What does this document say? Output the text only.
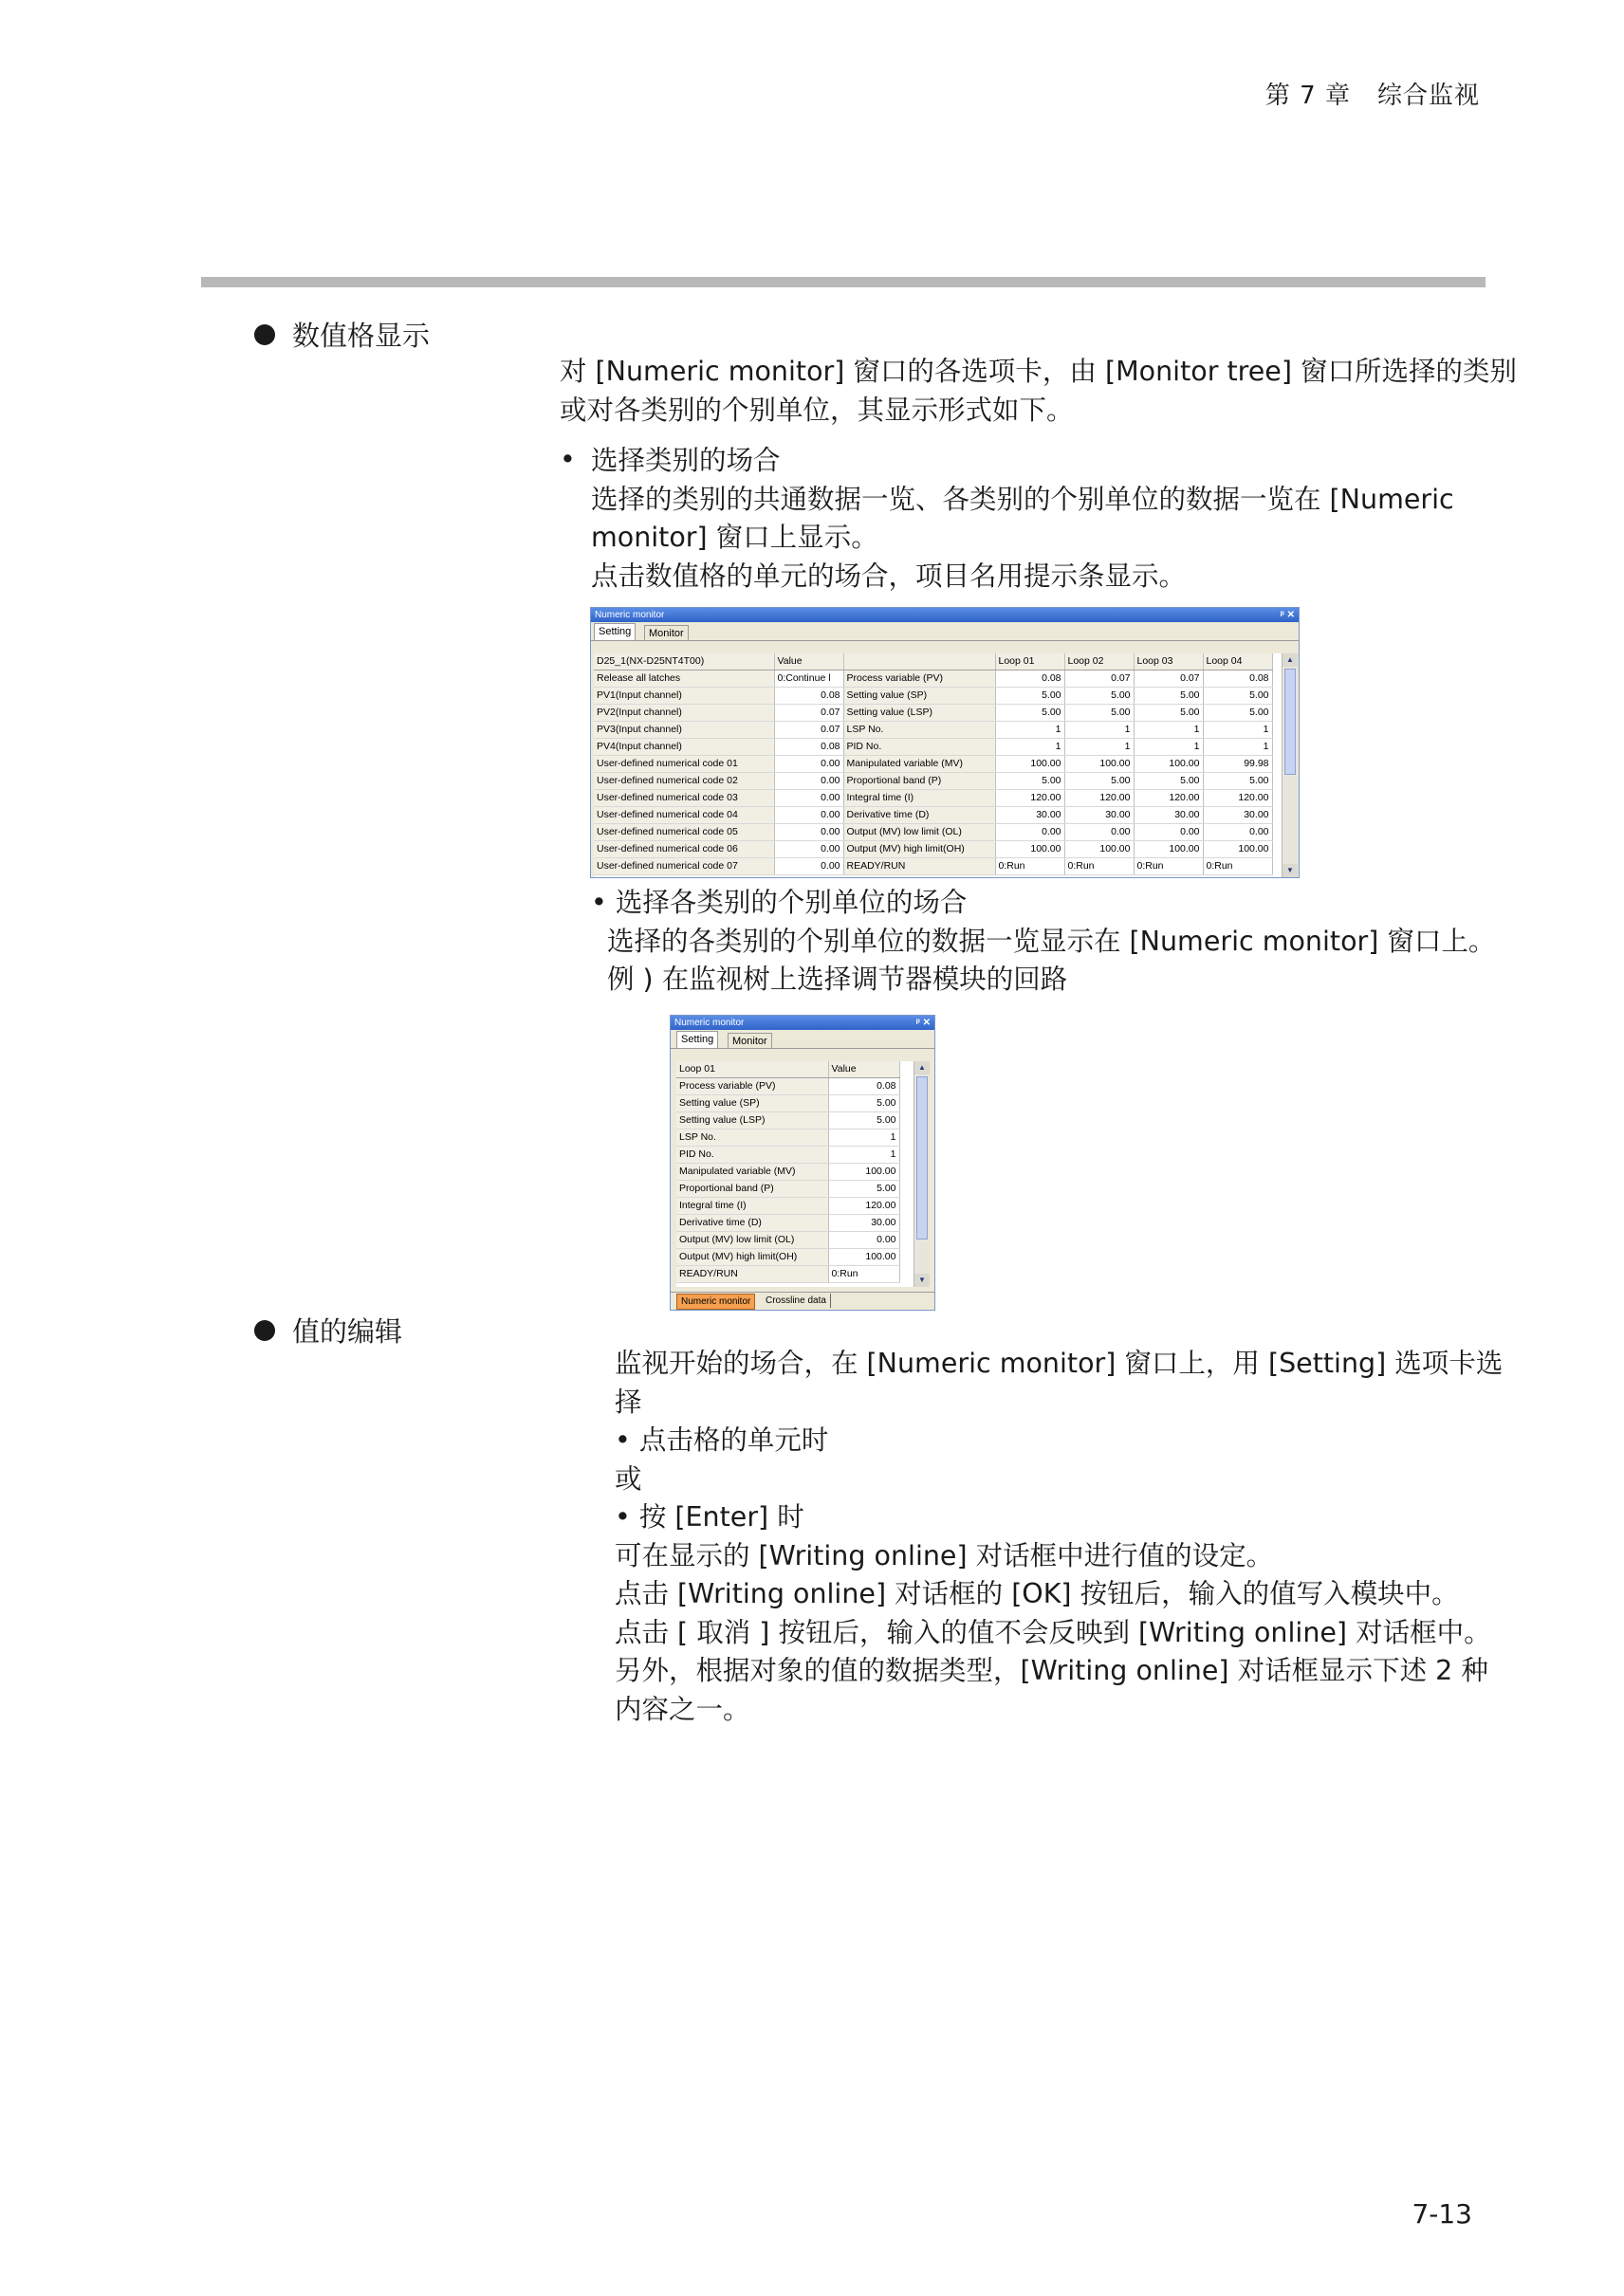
第 7 章 综合监视
数值格显示
对 [Numeric monitor] 窗口的各选项卡，由 [Monitor tree] 窗口所选择的类别
或对各类别的个别单位，其显示形式如下。
• 选择类别的场合
选择的类别的共通数据一览、各类别的个别单位的数据一览在 [Numeric
monitor] 窗口上显示。
点击数值格的单元的场合，项目名用提示条显示。
Numeric monitor	ᵖ ✕
Setting	Monitor
D25_1(NX-D25NT4T00)	Value		Loop 01	Loop 02	Loop 03	Loop 04
Release all latches	0:Continue l	Process variable (PV)	0.08	0.07	0.07	0.08
PV1(Input channel)	0.08	Setting value (SP)	5.00	5.00	5.00	5.00
PV2(Input channel)	0.07	Setting value (LSP)	5.00	5.00	5.00	5.00
PV3(Input channel)	0.07	LSP No.	1	1	1	1
PV4(Input channel)	0.08	PID No.	1	1	1	1
User-defined numerical code 01	0.00	Manipulated variable (MV)	100.00	100.00	100.00	99.98
User-defined numerical code 02	0.00	Proportional band (P)	5.00	5.00	5.00	5.00
User-defined numerical code 03	0.00	Integral time (I)	120.00	120.00	120.00	120.00
User-defined numerical code 04	0.00	Derivative time (D)	30.00	30.00	30.00	30.00
User-defined numerical code 05	0.00	Output (MV) low limit (OL)	0.00	0.00	0.00	0.00
User-defined numerical code 06	0.00	Output (MV) high limit(OH)	100.00	100.00	100.00	100.00
User-defined numerical code 07	0.00	READY/RUN	0:Run	0:Run	0:Run	0:Run
▲
▼
• 选择各类别的个别单位的场合
选择的各类别的个别单位的数据一览显示在 [Numeric monitor] 窗口上。
例 ) 在监视树上选择调节器模块的回路
Numeric monitor	ᵖ ✕
Setting	Monitor
Loop 01	Value
Process variable (PV)	0.08
Setting value (SP)	5.00
Setting value (LSP)	5.00
LSP No.	1
PID No.	1
Manipulated variable (MV)	100.00
Proportional band (P)	5.00
Integral time (I)	120.00
Derivative time (D)	30.00
Output (MV) low limit (OL)	0.00
Output (MV) high limit(OH)	100.00
READY/RUN	0:Run
▲
▼
Numeric monitor	Crossline data
值的编辑
监视开始的场合，在 [Numeric monitor] 窗口上，用 [Setting] 选项卡选
择
• 点击格的单元时
或
• 按 [Enter] 时
可在显示的 [Writing online] 对话框中进行值的设定。
点击 [Writing online] 对话框的 [OK] 按钮后，输入的值写入模块中。
点击 [ 取消 ] 按钮后，输入的值不会反映到 [Writing online] 对话框中。
另外，根据对象的值的数据类型，[Writing online] 对话框显示下述 2 种
内容之一。
7-13
